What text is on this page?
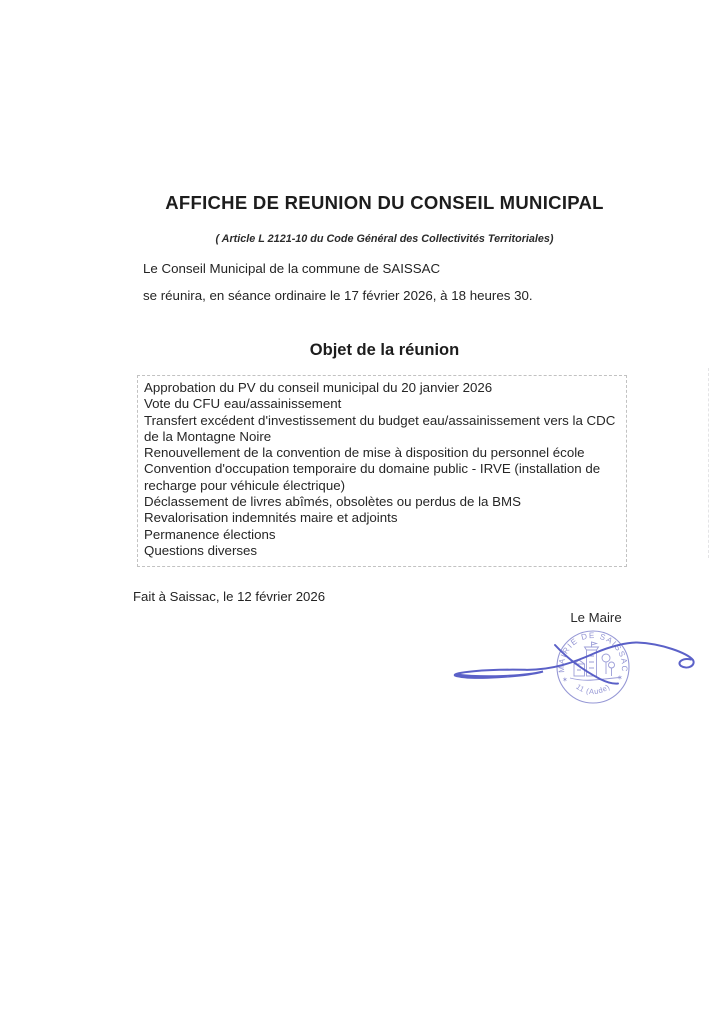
AFFICHE DE REUNION DU CONSEIL MUNICIPAL
( Article L 2121-10 du Code Général des Collectivités Territoriales)
Le Conseil Municipal de la commune de SAISSAC
se réunira, en séance ordinaire le 17 février 2026, à 18 heures 30.
Objet de la réunion
Approbation du PV du conseil municipal du 20 janvier 2026
Vote du CFU eau/assainissement
Transfert excédent d'investissement du budget eau/assainissement vers la CDC de la Montagne Noire
Renouvellement de la convention de mise à disposition du personnel école
Convention d'occupation temporaire du domaine public - IRVE (installation de recharge pour véhicule électrique)
Déclassement de livres abîmés, obsolètes ou perdus de la BMS
Revalorisation indemnités maire et adjoints
Permanence élections
Questions diverses
Fait à Saissac, le 12 février 2026
Le Maire
MAIRIE DE SAISSAC
11 (Aude)
✶	✶
